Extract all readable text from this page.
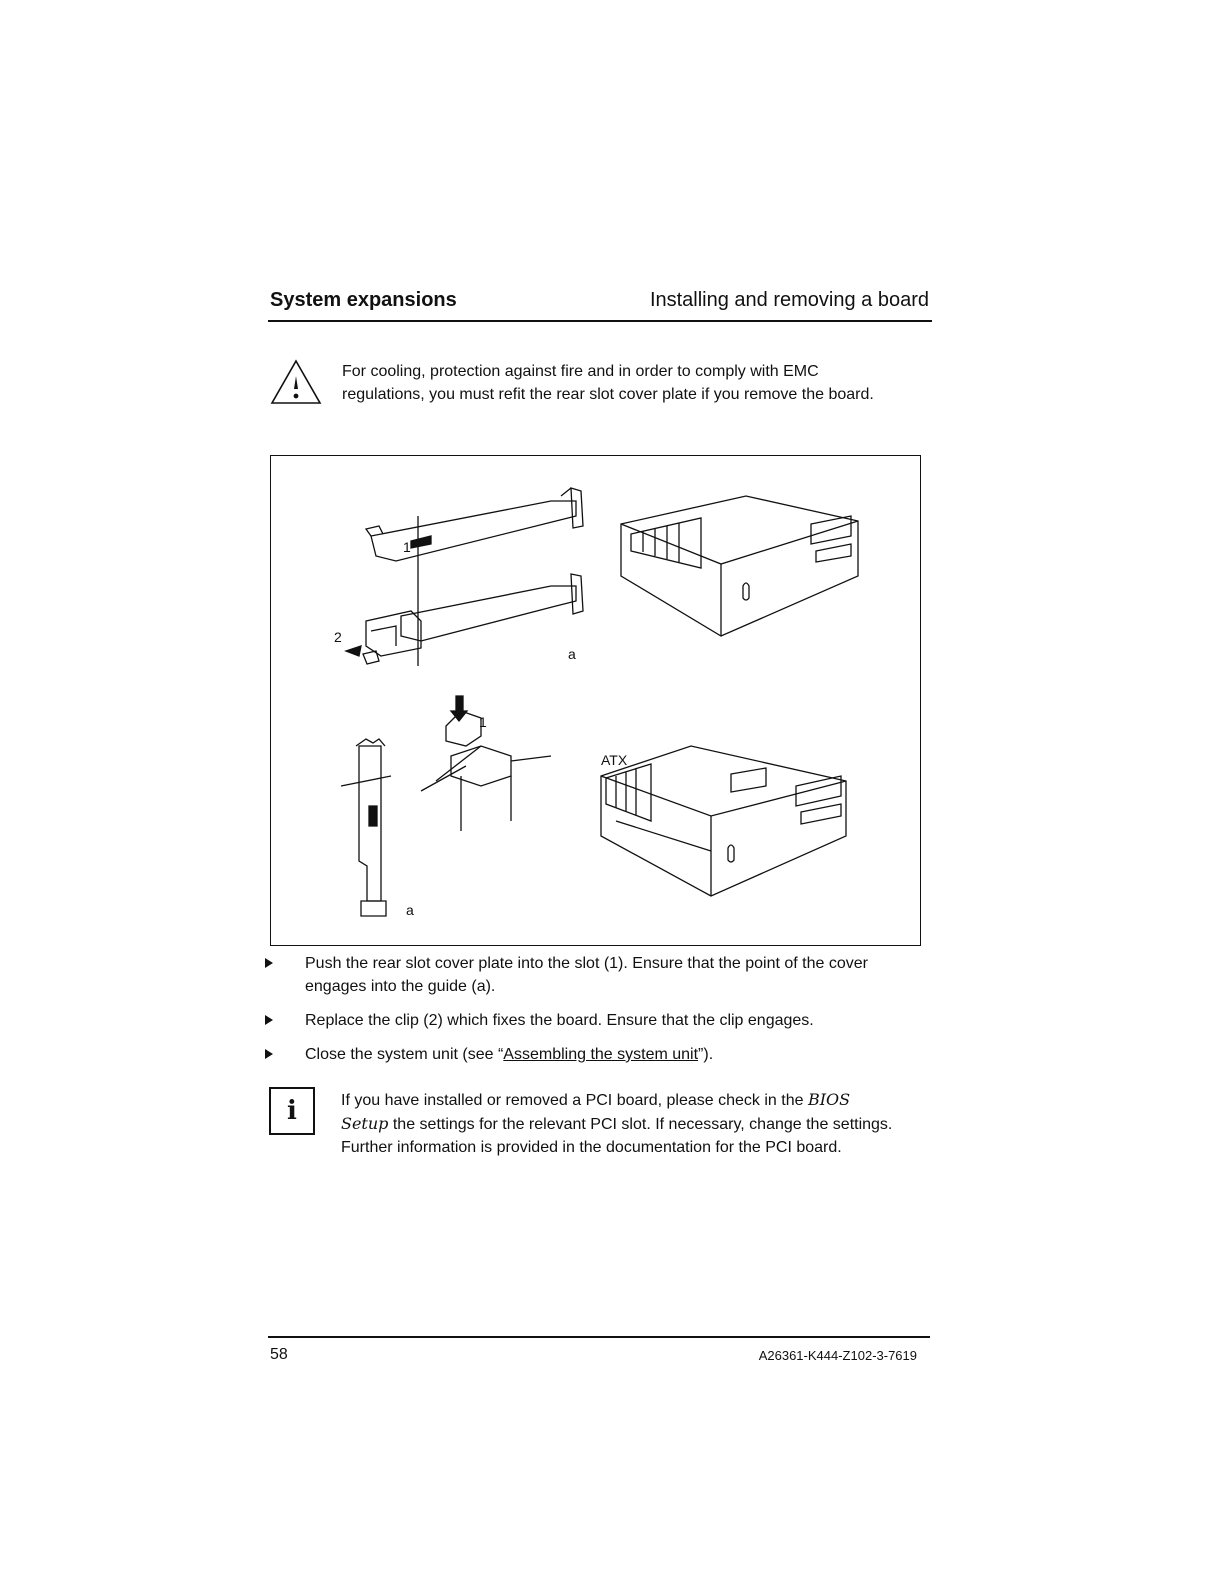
System expansions	Installing and removing a board
For cooling, protection against fire and in order to comply with EMC regulations, you must refit the rear slot cover plate if you remove the board.
1
2
a
2
1
a
ATX
Push the rear slot cover plate into the slot (1). Ensure that the point of the cover engages into the guide (a).
Replace the clip (2) which fixes the board. Ensure that the clip engages.
Close the system unit (see “Assembling the system unit”).
i	If you have installed or removed a PCI board, please check in the BIOS
Setup the settings for the relevant PCI slot. If necessary, change the settings. Further information is provided in the documentation for the PCI board.
58	A26361-K444-Z102-3-7619
